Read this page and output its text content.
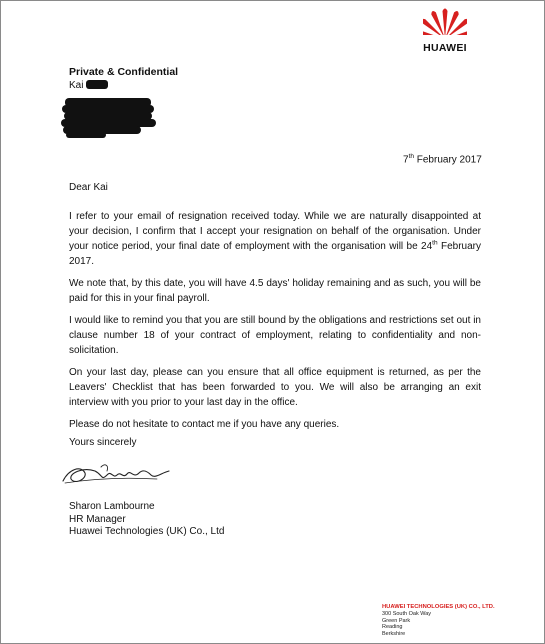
HUAWEI
Private & Confidential
Kai
7th February 2017
Dear Kai

I refer to your email of resignation received today. While we are naturally disappointed at your decision, I confirm that I accept your resignation on behalf of the organisation. Under your notice period, your final date of employment with the organisation will be 24th February 2017.

We note that, by this date, you will have 4.5 days' holiday remaining and as such, you will be paid for this in your final payroll.

I would like to remind you that you are still bound by the obligations and restrictions set out in clause number 18 of your contract of employment, relating to confidentiality and non-solicitation.

On your last day, please can you ensure that all office equipment is returned, as per the Leavers' Checklist that has been forwarded to you. We will also be arranging an exit interview with you prior to your last day in the office.

Please do not hesitate to contact me if you have any queries.

Yours sincerely
Sharon Lambourne
HR Manager
Huawei Technologies (UK) Co., Ltd
HUAWEI TECHNOLOGIES (UK) CO., LTD.
300 South Oak Way
Green Park
Reading
Berkshire
